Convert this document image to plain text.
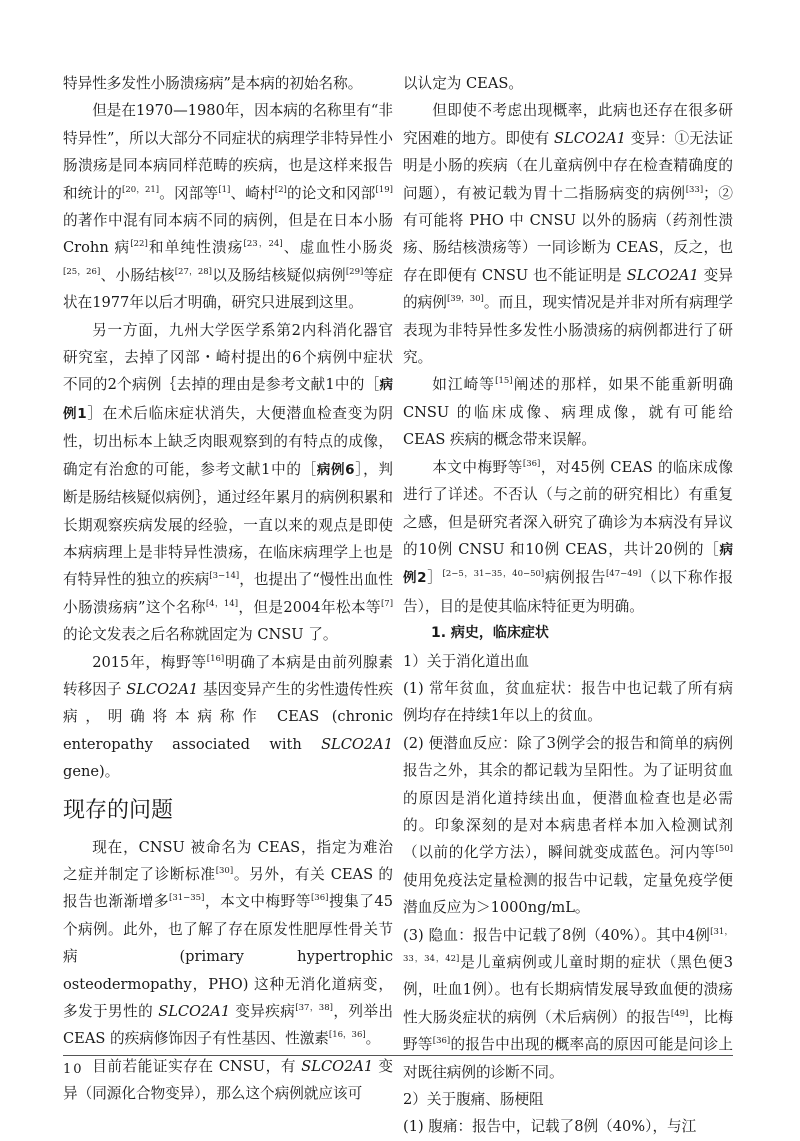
特异性多发性小肠溃疡病”是本病的初始名称。

但是在1970—1980年，因本病的名称里有“非特异性”，所以大部分不同症状的病理学非特异性小肠溃疡是同本病同样范畴的疾病，也是这样来报告和统计的[20，21]。冈部等[1]、崎村[2]的论文和冈部[19]的著作中混有同本病不同的病例，但是在日本小肠 Crohn 病[22]和单纯性溃疡[23，24]、虚血性小肠炎[25，26]、小肠结核[27，28]以及肠结核疑似病例[29]等症状在1977年以后才明确，研究只进展到这里。

另一方面，九州大学医学系第2内科消化器官研究室，去掉了冈部・崎村提出的6个病例中症状不同的2个病例｛去掉的理由是参考文献1中的［病例1］在术后临床症状消失，大便潜血检查变为阴性，切出标本上缺乏肉眼观察到的有特点的成像，确定有治愈的可能，参考文献1中的［病例6］，判断是肠结核疑似病例｝，通过经年累月的病例积累和长期观察疾病发展的经验，一直以来的观点是即使本病病理上是非特异性溃疡，在临床病理学上也是有特异性的独立的疾病[3−14]，也提出了“慢性出血性小肠溃疡病”这个名称[4，14]，但是2004年松本等[7]的论文发表之后名称就固定为 CNSU 了。

2015年，梅野等[16]明确了本病是由前列腺素转移因子 SLCO2A1 基因变异产生的劣性遗传性疾病，明确将本病称作 CEAS (chronic enteropathy associated with SLCO2A1 gene)。

现存的问题

现在，CNSU 被命名为 CEAS，指定为难治之症并制定了诊断标准[30]。另外，有关 CEAS 的报告也渐渐增多[31−35]，本文中梅野等[36]搜集了45个病例。此外，也了解了存在原发性肥厚性骨关节病 (primary hypertrophic osteodermopathy，PHO) 这种无消化道病变，多发于男性的 SLCO2A1 变异疾病[37，38]，列举出 CEAS 的疾病修饰因子有性基因、性激素[16，36]。

目前若能证实存在 CNSU，有 SLCO2A1 变异（同源化合物变异），那么这个病例就应该可

以认定为 CEAS。

但即使不考虑出现概率，此病也还存在很多研究困难的地方。即使有 SLCO2A1 变异：①无法证明是小肠的疾病（在儿童病例中存在检查精确度的问题），有被记载为胃十二指肠病变的病例[33]；②有可能将 PHO 中 CNSU 以外的肠病（药剂性溃疡、肠结核溃疡等）一同诊断为 CEAS，反之，也存在即便有 CNSU 也不能证明是 SLCO2A1 变异的病例[39，30]。而且，现实情况是并非对所有病理学表现为非特异性多发性小肠溃疡的病例都进行了研究。

如江崎等[15]阐述的那样，如果不能重新明确 CNSU 的临床成像、病理成像，就有可能给 CEAS 疾病的概念带来误解。

本文中梅野等[36]，对45例 CEAS 的临床成像进行了详述。不否认（与之前的研究相比）有重复之感，但是研究者深入研究了确诊为本病没有异议的10例 CNSU 和10例 CEAS，共计20例的［病例2］[2−5，31−35，40−50]病例报告[47−49]（以下称作报告），目的是使其临床特征更为明确。

1. 病史，临床症状

1）关于消化道出血

(1) 常年贫血，贫血症状：报告中也记载了所有病例均存在持续1年以上的贫血。

(2) 便潜血反应：除了3例学会的报告和简单的病例报告之外，其余的都记载为呈阳性。为了证明贫血的原因是消化道持续出血，便潜血检查也是必需的。印象深刻的是对本病患者样本加入检测试剂（以前的化学方法），瞬间就变成蓝色。河内等[50]使用免疫法定量检测的报告中记载，定量免疫学便潜血反应为＞1000ng/mL。

(3) 隐血：报告中记载了8例（40%）。其中4例[31，33，34，42]是儿童病例或儿童时期的症状（黑色便3例，吐血1例）。也有长期病情发展导致血便的溃疡性大肠炎症状的病例（术后病例）的报告[49]，比梅野等[36]的报告中出现的概率高的原因可能是问诊上对既往病例的诊断不同。

2）关于腹痛、肠梗阻

(1) 腹痛：报告中，记载了8例（40%），与江

10
